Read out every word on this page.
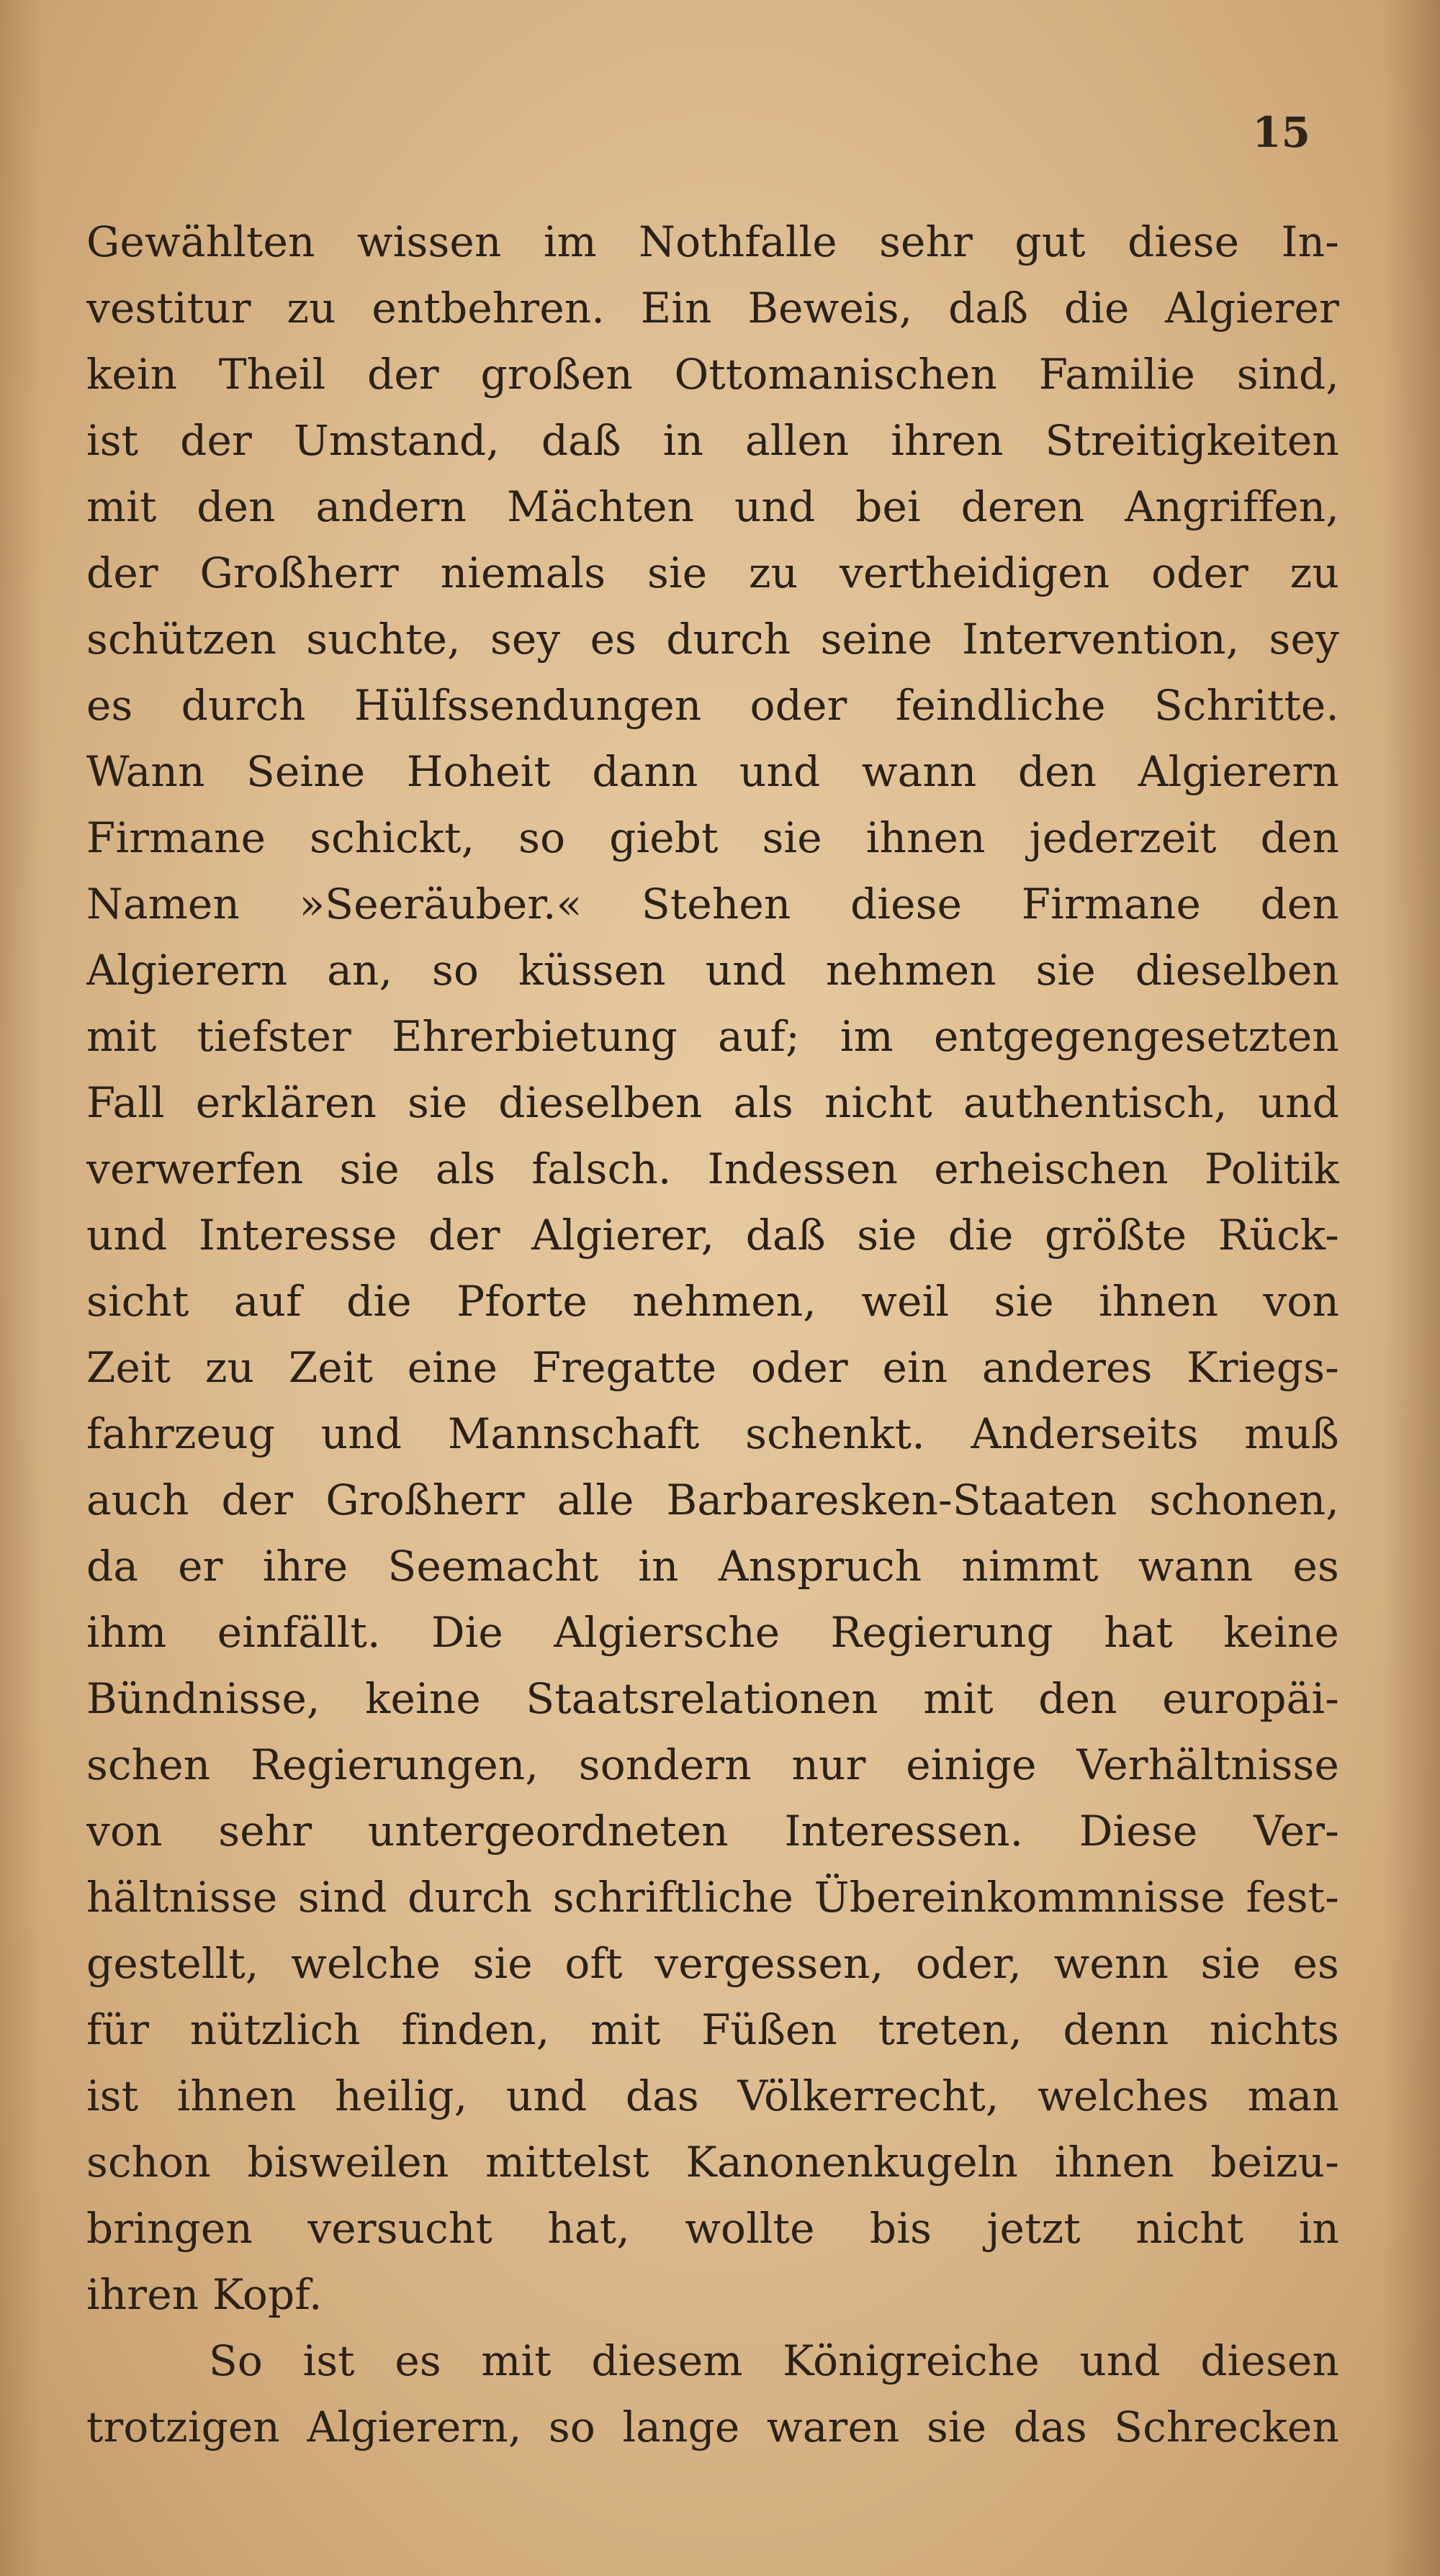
15
Gewählten wissen im Nothfalle sehr gut diese In-
vestitur zu entbehren. Ein Beweis, daß die Algierer
kein Theil der großen Ottomanischen Familie sind,
ist der Umstand, daß in allen ihren Streitigkeiten
mit den andern Mächten und bei deren Angriffen,
der Großherr niemals sie zu vertheidigen oder zu
schützen suchte, sey es durch seine Intervention, sey
es durch Hülfssendungen oder feindliche Schritte.
Wann Seine Hoheit dann und wann den Algierern
Firmane schickt, so giebt sie ihnen jederzeit den
Namen »Seeräuber.« Stehen diese Firmane den
Algierern an, so küssen und nehmen sie dieselben
mit tiefster Ehrerbietung auf; im entgegengesetzten
Fall erklären sie dieselben als nicht authentisch, und
verwerfen sie als falsch. Indessen erheischen Politik
und Interesse der Algierer, daß sie die größte Rück-
sicht auf die Pforte nehmen, weil sie ihnen von
Zeit zu Zeit eine Fregatte oder ein anderes Kriegs-
fahrzeug und Mannschaft schenkt. Anderseits muß
auch der Großherr alle Barbaresken-Staaten schonen,
da er ihre Seemacht in Anspruch nimmt wann es
ihm einfällt. Die Algiersche Regierung hat keine
Bündnisse, keine Staatsrelationen mit den europäi-
schen Regierungen, sondern nur einige Verhältnisse
von sehr untergeordneten Interessen. Diese Ver-
hältnisse sind durch schriftliche Übereinkommnisse fest-
gestellt, welche sie oft vergessen, oder, wenn sie es
für nützlich finden, mit Füßen treten, denn nichts
ist ihnen heilig, und das Völkerrecht, welches man
schon bisweilen mittelst Kanonenkugeln ihnen beizu-
bringen versucht hat, wollte bis jetzt nicht in
ihren Kopf.
So ist es mit diesem Königreiche und diesen
trotzigen Algierern, so lange waren sie das Schrecken
